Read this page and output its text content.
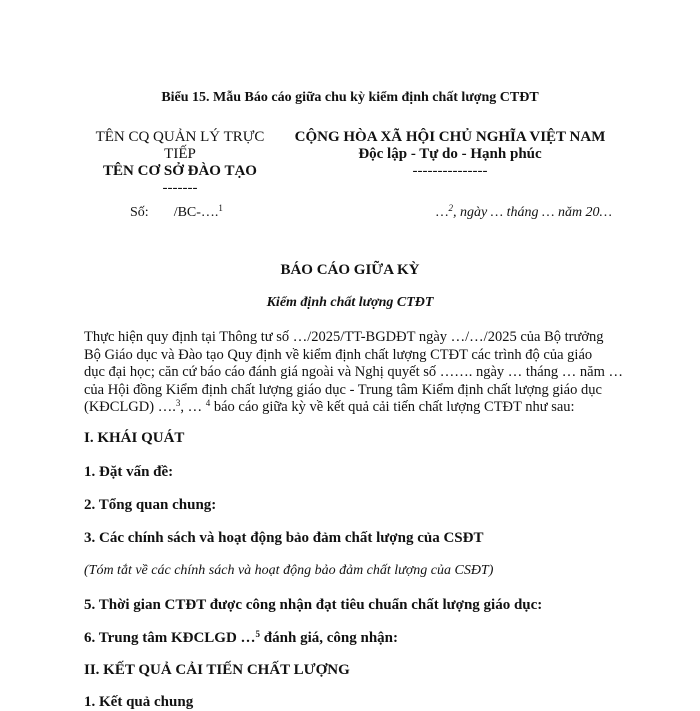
Biểu 15. Mẫu Báo cáo giữa chu kỳ kiểm định chất lượng CTĐT
TÊN CQ QUẢN LÝ TRỰC
TIẾP
TÊN CƠ SỞ ĐÀO TẠO
-------
CỘNG HÒA XÃ HỘI CHỦ NGHĨA VIỆT NAM
Độc lập - Tự do - Hạnh phúc
---------------
Số: /BC-….$^1$	…$^2$, ngày … tháng … năm 20…
BÁO CÁO GIỮA KỲ
Kiểm định chất lượng CTĐT
Thực hiện quy định tại Thông tư số …/2025/TT-BGDĐT ngày …/…/2025 của Bộ trưởng
Bộ Giáo dục và Đào tạo Quy định về kiểm định chất lượng CTĐT các trình độ của giáo
dục đại học; căn cứ báo cáo đánh giá ngoài và Nghị quyết số ……. ngày … tháng … năm …
của Hội đồng Kiểm định chất lượng giáo dục - Trung tâm Kiểm định chất lượng giáo dục
(KĐCLGD) ….$^3$, … $^4$ báo cáo giữa kỳ về kết quả cải tiến chất lượng CTĐT như sau:
I. KHÁI QUÁT
1. Đặt vấn đề:
2. Tổng quan chung:
3. Các chính sách và hoạt động bảo đảm chất lượng của CSĐT
(Tóm tắt về các chính sách và hoạt động bảo đảm chất lượng của CSĐT)
5. Thời gian CTĐT được công nhận đạt tiêu chuẩn chất lượng giáo dục:
6. Trung tâm KĐCLGD …$^5$ đánh giá, công nhận:
II. KẾT QUẢ CẢI TIẾN CHẤT LƯỢNG
1. Kết quả chung
